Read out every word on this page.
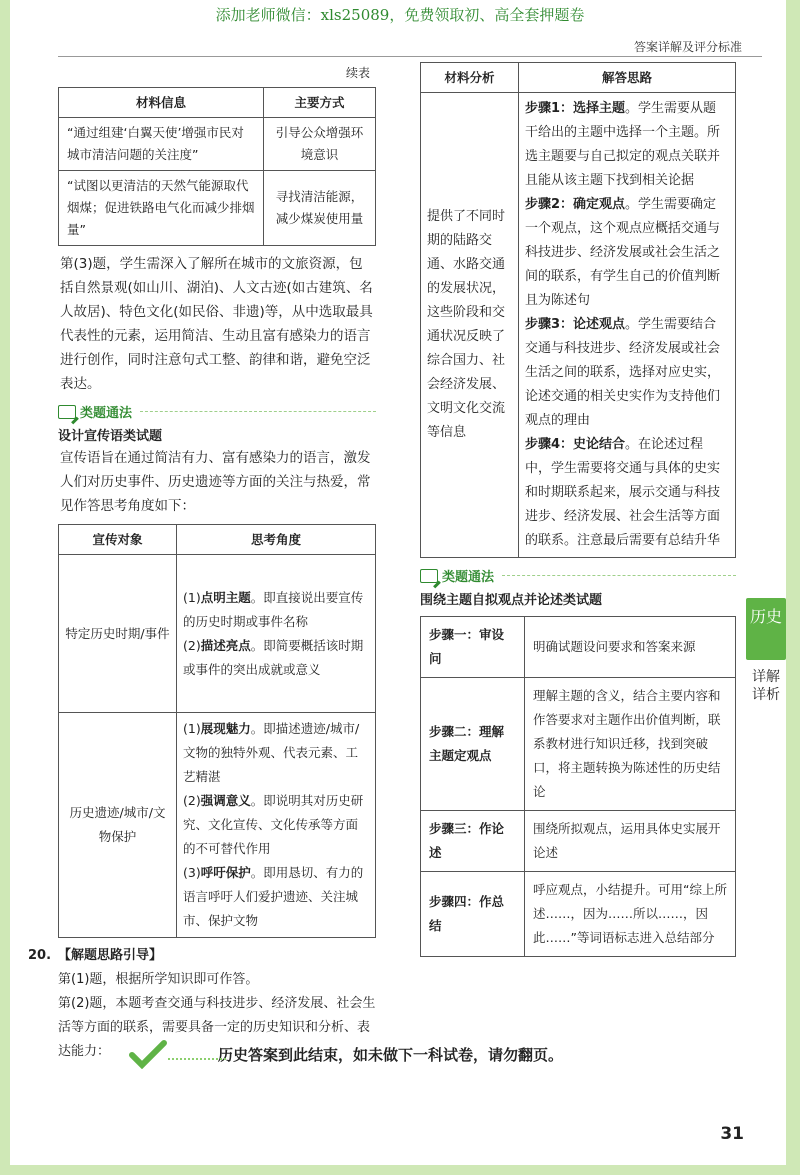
添加老师微信：xls25089，免费领取初、高全套押题卷
答案详解及评分标准
续表
材料信息	主要方式
“通过组建‘白翼天使’增强市民对城市清洁问题的关注度”	引导公众增强环境意识
“试图以更清洁的天然气能源取代烟煤；促进铁路电气化而减少排烟量”	寻找清洁能源，减少煤炭使用量

第(3)题，学生需深入了解所在城市的文旅资源，包括自然景观(如山川、湖泊)、人文古迹(如古建筑、名人故居)、特色文化(如民俗、非遗)等，从中选取最具代表性的元素，运用简洁、生动且富有感染力的语言进行创作，同时注意句式工整、韵律和谐，避免空泛表达。

类题通法
设计宣传语类试题

宣传语旨在通过简洁有力、富有感染力的语言，激发人们对历史事件、历史遗迹等方面的关注与热爱，常见作答思考角度如下：

宣传对象	思考角度
特定历史时期/事件	(1)点明主题。即直接说出要宣传的历史时期或事件名称
(2)描述亮点。即简要概括该时期或事件的突出成就或意义

历史遗迹/城市/文物保护	(1)展现魅力。即描述遗迹/城市/文物的独特外观、代表元素、工艺精湛
(2)强调意义。即说明其对历史研究、文化宣传、文化传承等方面的不可替代作用
(3)呼吁保护。即用恳切、有力的语言呼吁人们爱护遗迹、关注城市、保护文物
20. 【解题思路引导】
第(1)题，根据所学知识即可作答。
第(2)题，本题考查交通与科技进步、经济发展、社会生活等方面的联系，需要具备一定的历史知识和分析、表达能力：
材料分析	解答思路
提供了不同时期的陆路交通、水路交通的发展状况，这些阶段和交通状况反映了综合国力、社会经济发展、文明文化交流等信息	步骤1：选择主题。学生需要从题干给出的主题中选择一个主题。所选主题要与自己拟定的观点关联并且能从该主题下找到相关论据
步骤2：确定观点。学生需要确定一个观点，这个观点应概括交通与科技进步、经济发展或社会生活之间的联系，有学生自己的价值判断且为陈述句
步骤3：论述观点。学生需要结合交通与科技进步、经济发展或社会生活之间的联系，选择对应史实，论述交通的相关史实作为支持他们观点的理由
步骤4：史论结合。在论述过程中，学生需要将交通与具体的史实和时期联系起来，展示交通与科技进步、经济发展、社会生活等方面的联系。注意最后需要有总结升华
类题通法
围绕主题自拟观点并论述类试题
步骤一：审设问	明确试题设问要求和答案来源
步骤二：理解主题定观点	理解主题的含义，结合主要内容和作答要求对主题作出价值判断，联系教材进行知识迁移，找到突破口，将主题转换为陈述性的历史结论
步骤三：作论述	围绕所拟观点，运用具体史实展开论述
步骤四：作总结	呼应观点，小结提升。可用“综上所述……，因为……所以……，因此……”等词语标志进入总结部分
历史
详解详析
历史答案到此结束，如未做下一科试卷，请勿翻页。
31
